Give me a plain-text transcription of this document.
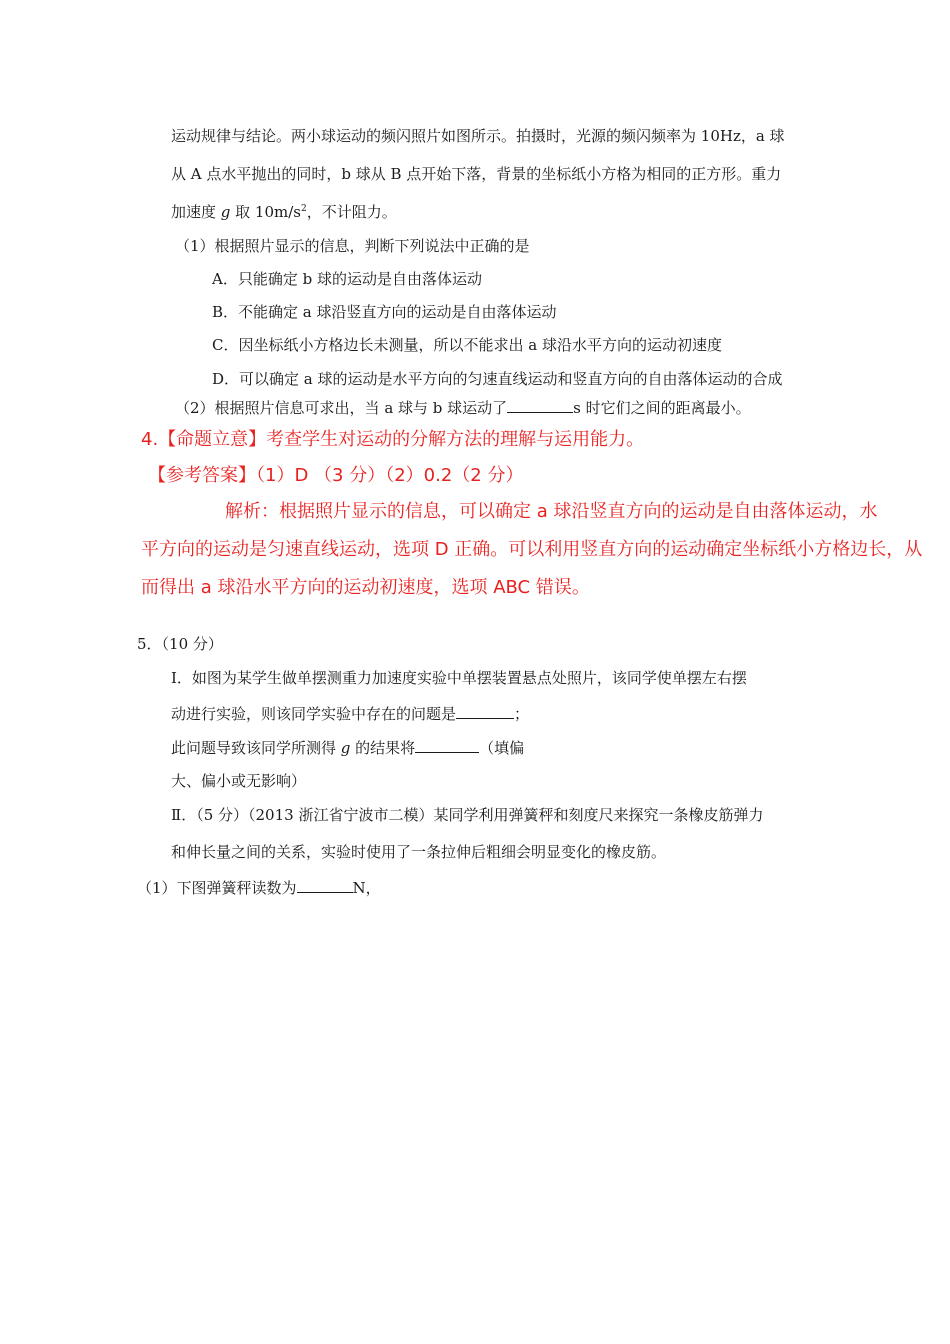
运动规律与结论。两小球运动的频闪照片如图所示。拍摄时，光源的频闪频率为 10Hz，a 球
从 A 点水平抛出的同时，b 球从 B 点开始下落，背景的坐标纸小方格为相同的正方形。重力
加速度 g 取 $10m/s^2$，不计阻力。
（1）根据照片显示的信息，判断下列说法中正确的是
A．只能确定 b 球的运动是自由落体运动
B．不能确定 a 球沿竖直方向的运动是自由落体运动
C．因坐标纸小方格边长未测量，所以不能求出 a 球沿水平方向的运动初速度
D．可以确定 a 球的运动是水平方向的匀速直线运动和竖直方向的自由落体运动的合成
（2）根据照片信息可求出，当 a 球与 b 球运动了	s 时它们之间的距离最小。
4.【命题立意】考查学生对运动的分解方法的理解与运用能力。
【参考答案】（1）D （3 分）（2）0.2（2 分）
解析：根据照片显示的信息，可以确定 a 球沿竖直方向的运动是自由落体运动，水
平方向的运动是匀速直线运动，选项 D 正确。可以利用竖直方向的运动确定坐标纸小方格边长，从
而得出 a 球沿水平方向的运动初速度，选项 ABC 错误。
5．（10 分）
Ⅰ．如图为某学生做单摆测重力加速度实验中单摆装置悬点处照片，该同学使单摆左右摆
动进行实验，则该同学实验中存在的问题是	；
此问题导致该同学所测得 g 的结果将	（填偏
大、偏小或无影响）
Ⅱ．（5 分）（2013 浙江省宁波市二模）某同学利用弹簧秤和刻度尺来探究一条橡皮筋弹力
和伸长量之间的关系，实验时使用了一条拉伸后粗细会明显变化的橡皮筋。
（1）下图弹簧秤读数为	N，
